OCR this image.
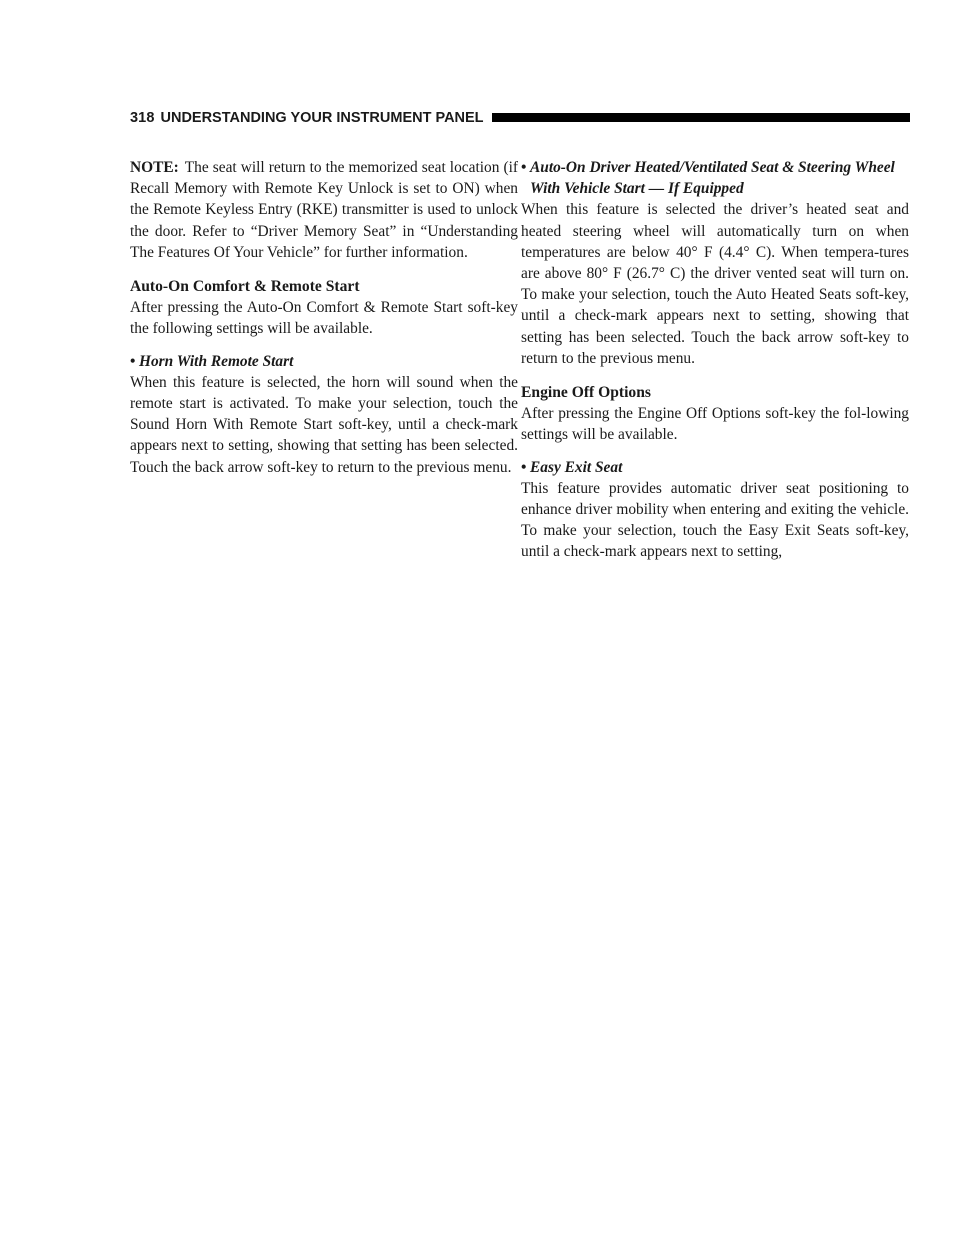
318 UNDERSTANDING YOUR INSTRUMENT PANEL

NOTE: The seat will return to the memorized seat location (if Recall Memory with Remote Key Unlock is set to ON) when the Remote Keyless Entry (RKE) transmitter is used to unlock the door. Refer to “Driver Memory Seat” in “Understanding The Features Of Your Vehicle” for further information.

Auto-On Comfort & Remote Start

After pressing the Auto-On Comfort & Remote Start soft-key the following settings will be available.

• Horn With Remote Start

When this feature is selected, the horn will sound when the remote start is activated. To make your selection, touch the Sound Horn With Remote Start soft-key, until a check-mark appears next to setting, showing that setting has been selected. Touch the back arrow soft-key to return to the previous menu.

• Auto-On Driver Heated/Ventilated Seat & Steering Wheel With Vehicle Start — If Equipped

When this feature is selected the driver’s heated seat and heated steering wheel will automatically turn on when temperatures are below 40° F (4.4° C). When tempera-tures are above 80° F (26.7° C) the driver vented seat will turn on. To make your selection, touch the Auto Heated Seats soft-key, until a check-mark appears next to setting, showing that setting has been selected. Touch the back arrow soft-key to return to the previous menu.

Engine Off Options

After pressing the Engine Off Options soft-key the fol-lowing settings will be available.

• Easy Exit Seat

This feature provides automatic driver seat positioning to enhance driver mobility when entering and exiting the vehicle. To make your selection, touch the Easy Exit Seats soft-key, until a check-mark appears next to setting,
